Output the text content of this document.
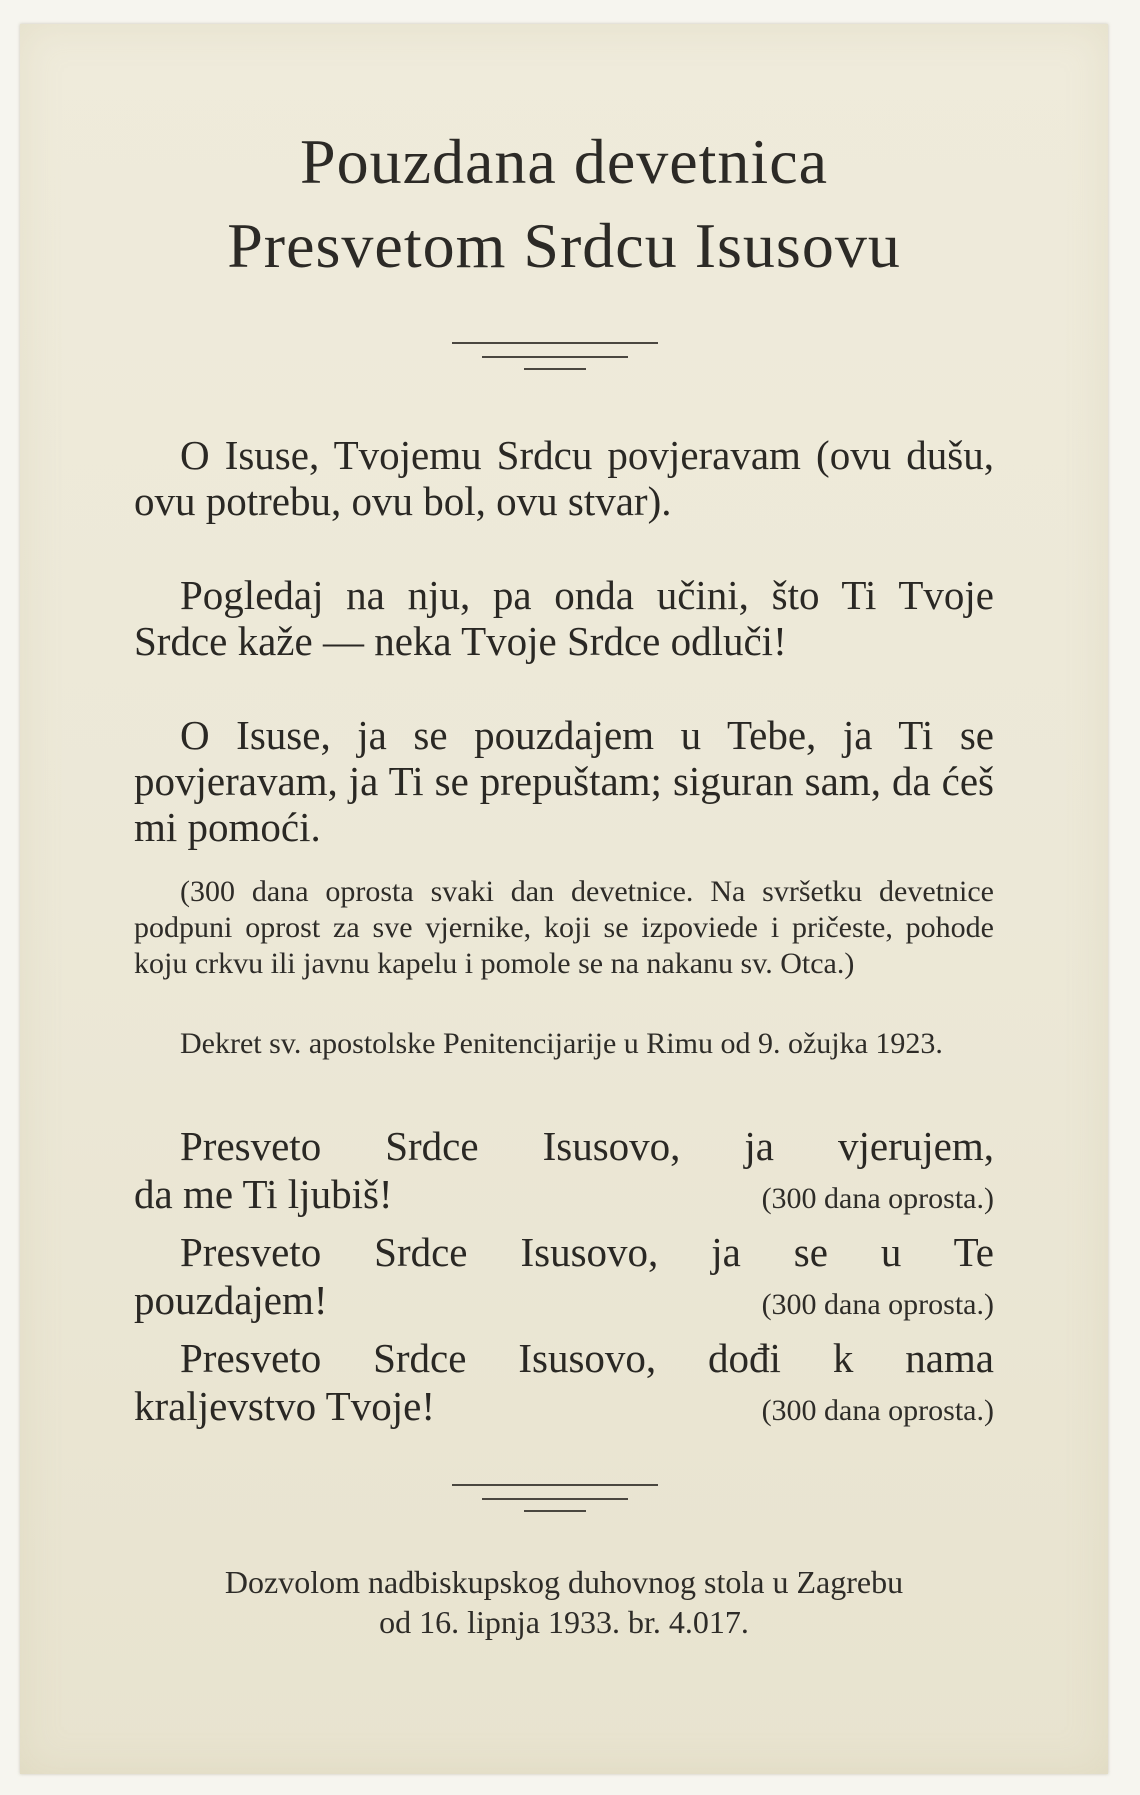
Pouzdana devetnica
Presvetom Srdcu Isusovu

O Isuse, Tvojemu Srdcu povjeravam (ovu dušu, ovu potrebu, ovu bol, ovu stvar).

Pogledaj na nju, pa onda učini, što Ti Tvoje Srdce kaže — neka Tvoje Srdce odluči!

O Isuse, ja se pouzdajem u Tebe, ja Ti se povjeravam, ja Ti se prepuštam; siguran sam, da ćeš mi pomoći.

(300 dana oprosta svaki dan devetnice. Na svršetku devetnice podpuni oprost za sve vjernike, koji se izpoviede i pričeste, pohode koju crkvu ili javnu kapelu i pomole se na nakanu sv. Otca.)

Dekret sv. apostolske Penitencijarije u Rimu od 9. ožujka 1923.

Presveto Srdce Isusovo, ja vjerujem,
da me Ti ljubiš!	(300 dana oprosta.)
Presveto Srdce Isusovo, ja se u Te
pouzdajem!	(300 dana oprosta.)
Presveto Srdce Isusovo, dođi k nama
kraljevstvo Tvoje!	(300 dana oprosta.)

Dozvolom nadbiskupskog duhovnog stola u Zagrebu

od 16. lipnja 1933. br. 4.017.
